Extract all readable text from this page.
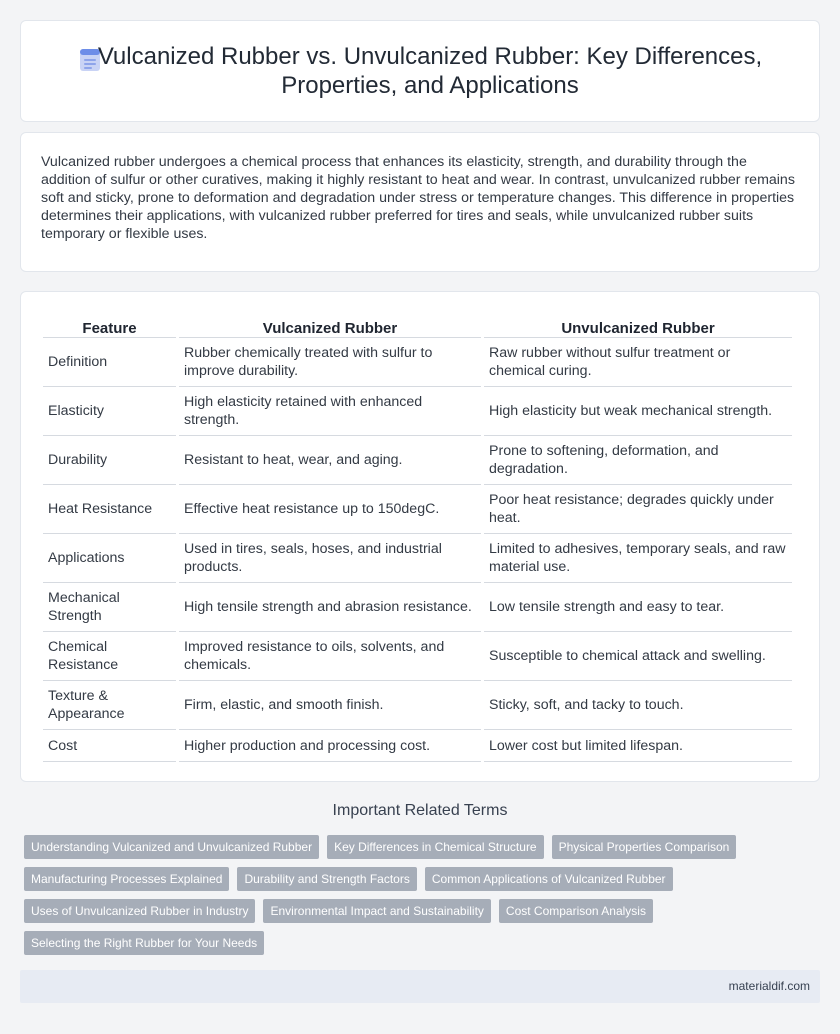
Vulcanized Rubber vs. Unvulcanized Rubber: Key Differences, Properties, and Applications

Vulcanized rubber undergoes a chemical process that enhances its elasticity, strength, and durability through the addition of sulfur or other curatives, making it highly resistant to heat and wear. In contrast, unvulcanized rubber remains soft and sticky, prone to deformation and degradation under stress or temperature changes. This difference in properties determines their applications, with vulcanized rubber preferred for tires and seals, while unvulcanized rubber suits temporary or flexible uses.

Feature	Vulcanized Rubber	Unvulcanized Rubber
Definition	Rubber chemically treated with sulfur to improve durability.	Raw rubber without sulfur treatment or chemical curing.
Elasticity	High elasticity retained with enhanced strength.	High elasticity but weak mechanical strength.
Durability	Resistant to heat, wear, and aging.	Prone to softening, deformation, and degradation.
Heat Resistance	Effective heat resistance up to 150degC.	Poor heat resistance; degrades quickly under heat.
Applications	Used in tires, seals, hoses, and industrial products.	Limited to adhesives, temporary seals, and raw material use.
Mechanical Strength	High tensile strength and abrasion resistance.	Low tensile strength and easy to tear.
Chemical Resistance	Improved resistance to oils, solvents, and chemicals.	Susceptible to chemical attack and swelling.
Texture & Appearance	Firm, elastic, and smooth finish.	Sticky, soft, and tacky to touch.
Cost	Higher production and processing cost.	Lower cost but limited lifespan.
Important Related Terms
Understanding Vulcanized and Unvulcanized Rubber	Key Differences in Chemical Structure	Physical Properties Comparison
Manufacturing Processes Explained	Durability and Strength Factors	Common Applications of Vulcanized Rubber
Uses of Unvulcanized Rubber in Industry	Environmental Impact and Sustainability	Cost Comparison Analysis
Selecting the Right Rubber for Your Needs
materialdif.com
